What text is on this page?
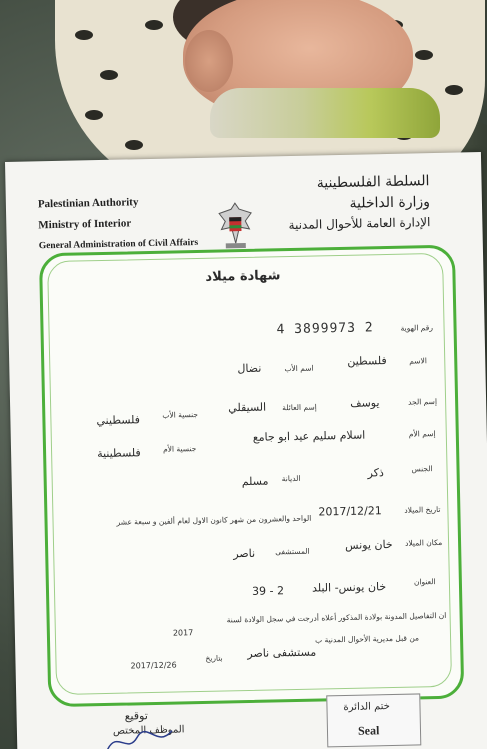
Palestinian Authority
Ministry of Interior
General Administration of Civil Affairs
السلطة الفلسطينية
وزارة الداخلية
الإدارة العامة للأحوال المدنية
شهادة ميلاد
رقم الهوية
4 3899973 2
الاسم
فلسطين
اسم الأب
نضال
إسم الجد
يوسف
إسم العائلة
السيقلي
جنسية الأب
فلسطيني
إسم الأم
اسلام سليم عيد ابو جامع
جنسية الأم
فلسطينية
الجنس
ذكر
الديانة
مسلم
تاريخ الميلاد
2017/12/21
الواحد والعشرون من شهر كانون الاول لعام ألفين و سبعة عشر
مكان الميلاد
خان يونس
المستشفى
ناصر
العنوان
خان يونس- البلد
39 - 2
ان التفاصيل المدونة بولادة المذكور أعلاه أدرجت في سجل الولادة لسنة
2017
من قبل مديرية الأحوال المدنية ب
مستشفى ناصر
بتاريخ
2017/12/26
ختم الدائرة
Seal
توقيع
الموظف المختص
